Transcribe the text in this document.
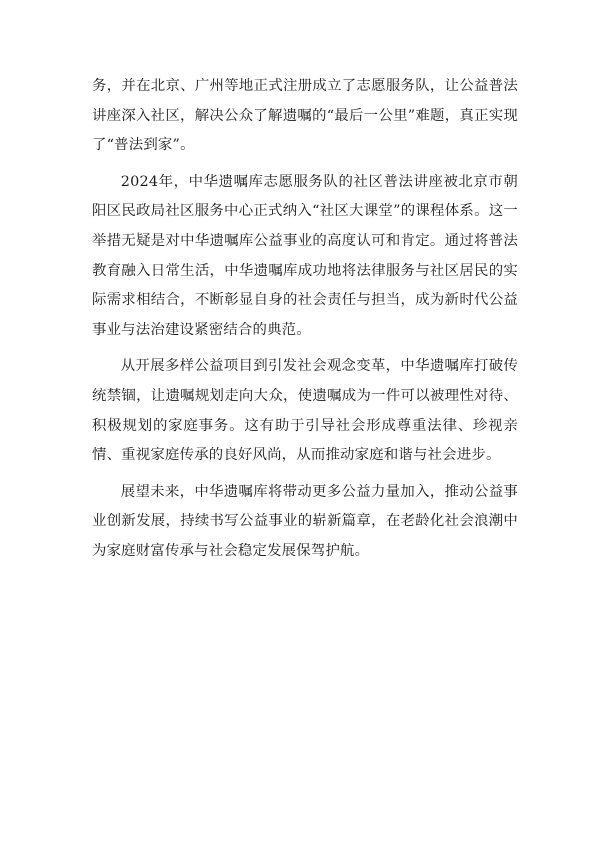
务，并在北京、广州等地正式注册成立了志愿服务队，让公益普法讲座深入社区，解决公众了解遗嘱的“最后一公里”难题，真正实现了“普法到家”。

2024年，中华遗嘱库志愿服务队的社区普法讲座被北京市朝阳区民政局社区服务中心正式纳入“社区大课堂”的课程体系。这一举措无疑是对中华遗嘱库公益事业的高度认可和肯定。通过将普法教育融入日常生活，中华遗嘱库成功地将法律服务与社区居民的实际需求相结合，不断彰显自身的社会责任与担当，成为新时代公益事业与法治建设紧密结合的典范。

从开展多样公益项目到引发社会观念变革，中华遗嘱库打破传统禁锢，让遗嘱规划走向大众，使遗嘱成为一件可以被理性对待、积极规划的家庭事务。这有助于引导社会形成尊重法律、珍视亲情、重视家庭传承的良好风尚，从而推动家庭和谐与社会进步。

展望未来，中华遗嘱库将带动更多公益力量加入，推动公益事业创新发展，持续书写公益事业的崭新篇章，在老龄化社会浪潮中为家庭财富传承与社会稳定发展保驾护航。
